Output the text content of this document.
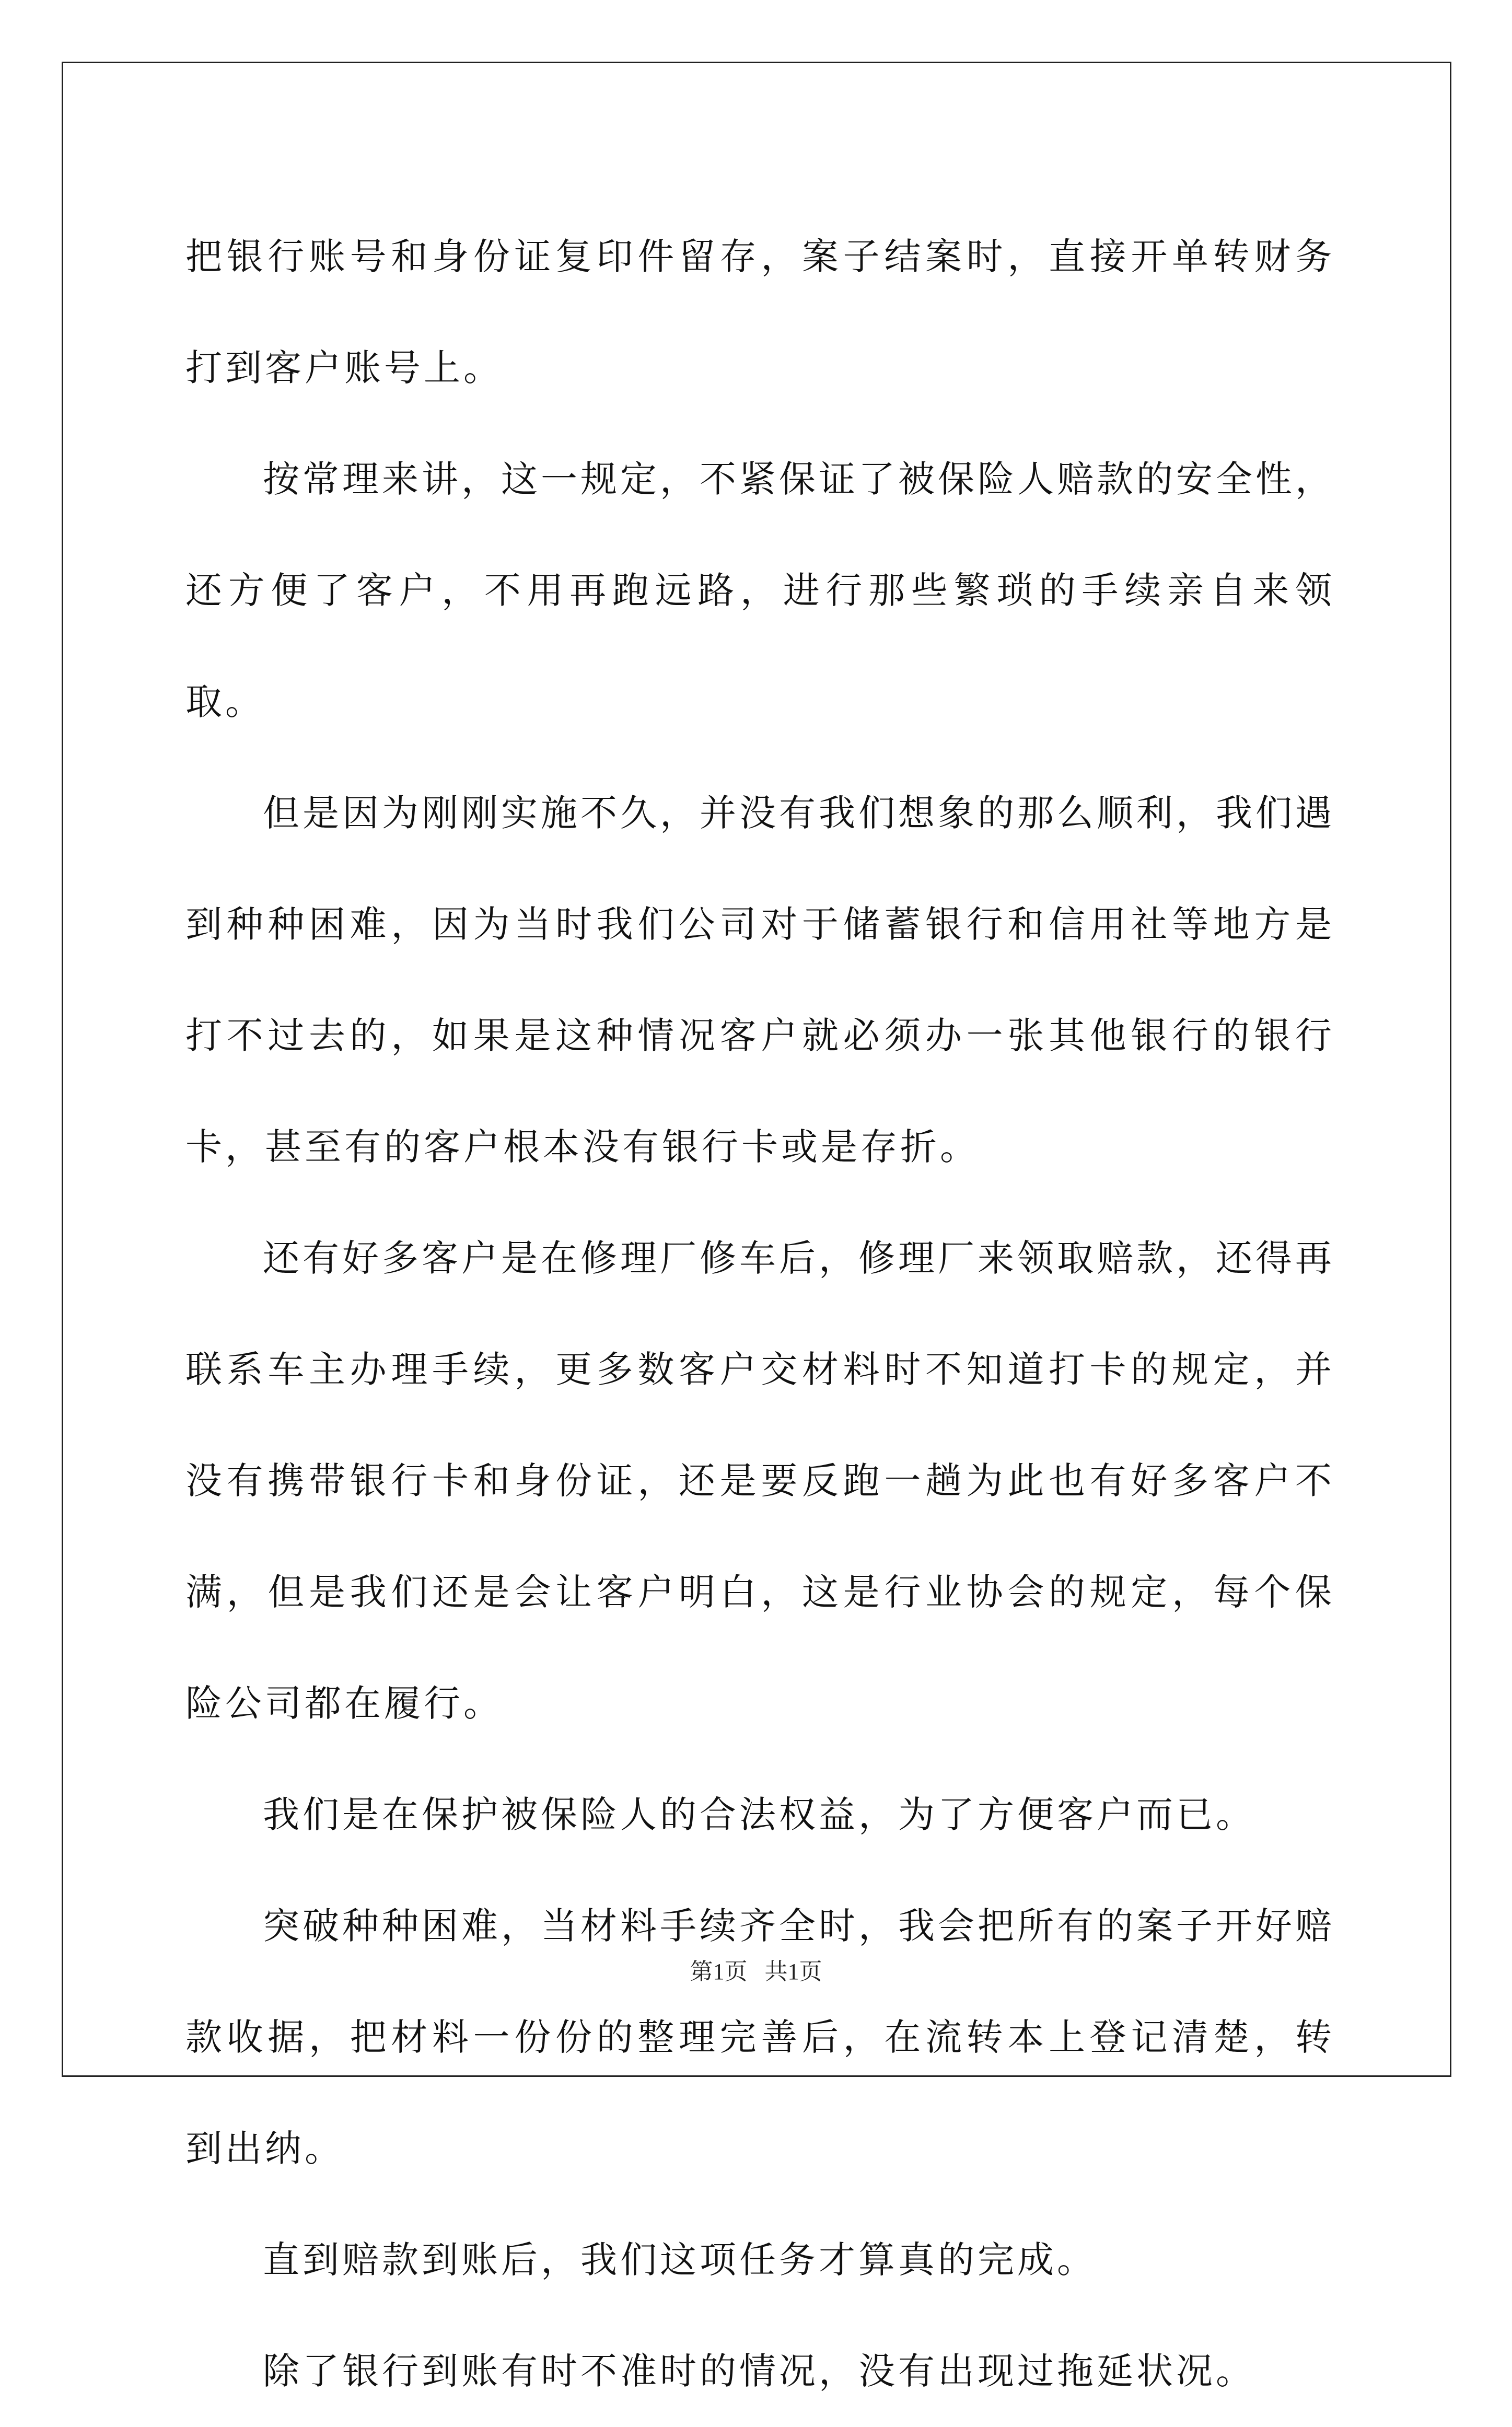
把银行账号和身份证复印件留存，案子结案时，直接开单转财务打到客户账号上。

按常理来讲，这一规定，不紧保证了被保险人赔款的安全性，还方便了客户，不用再跑远路，进行那些繁琐的手续亲自来领取。

但是因为刚刚实施不久，并没有我们想象的那么顺利，我们遇到种种困难，因为当时我们公司对于储蓄银行和信用社等地方是打不过去的，如果是这种情况客户就必须办一张其他银行的银行卡，甚至有的客户根本没有银行卡或是存折。

还有好多客户是在修理厂修车后，修理厂来领取赔款，还得再联系车主办理手续，更多数客户交材料时不知道打卡的规定，并没有携带银行卡和身份证，还是要反跑一趟为此也有好多客户不满，但是我们还是会让客户明白，这是行业协会的规定，每个保险公司都在履行。

我们是在保护被保险人的合法权益，为了方便客户而已。

突破种种困难，当材料手续齐全时，我会把所有的案子开好赔款收据，把材料一份份的整理完善后，在流转本上登记清楚，转到出纳。

直到赔款到账后，我们这项任务才算真的完成。

除了银行到账有时不准时的情况，没有出现过拖延状况。

第1页   共1页
